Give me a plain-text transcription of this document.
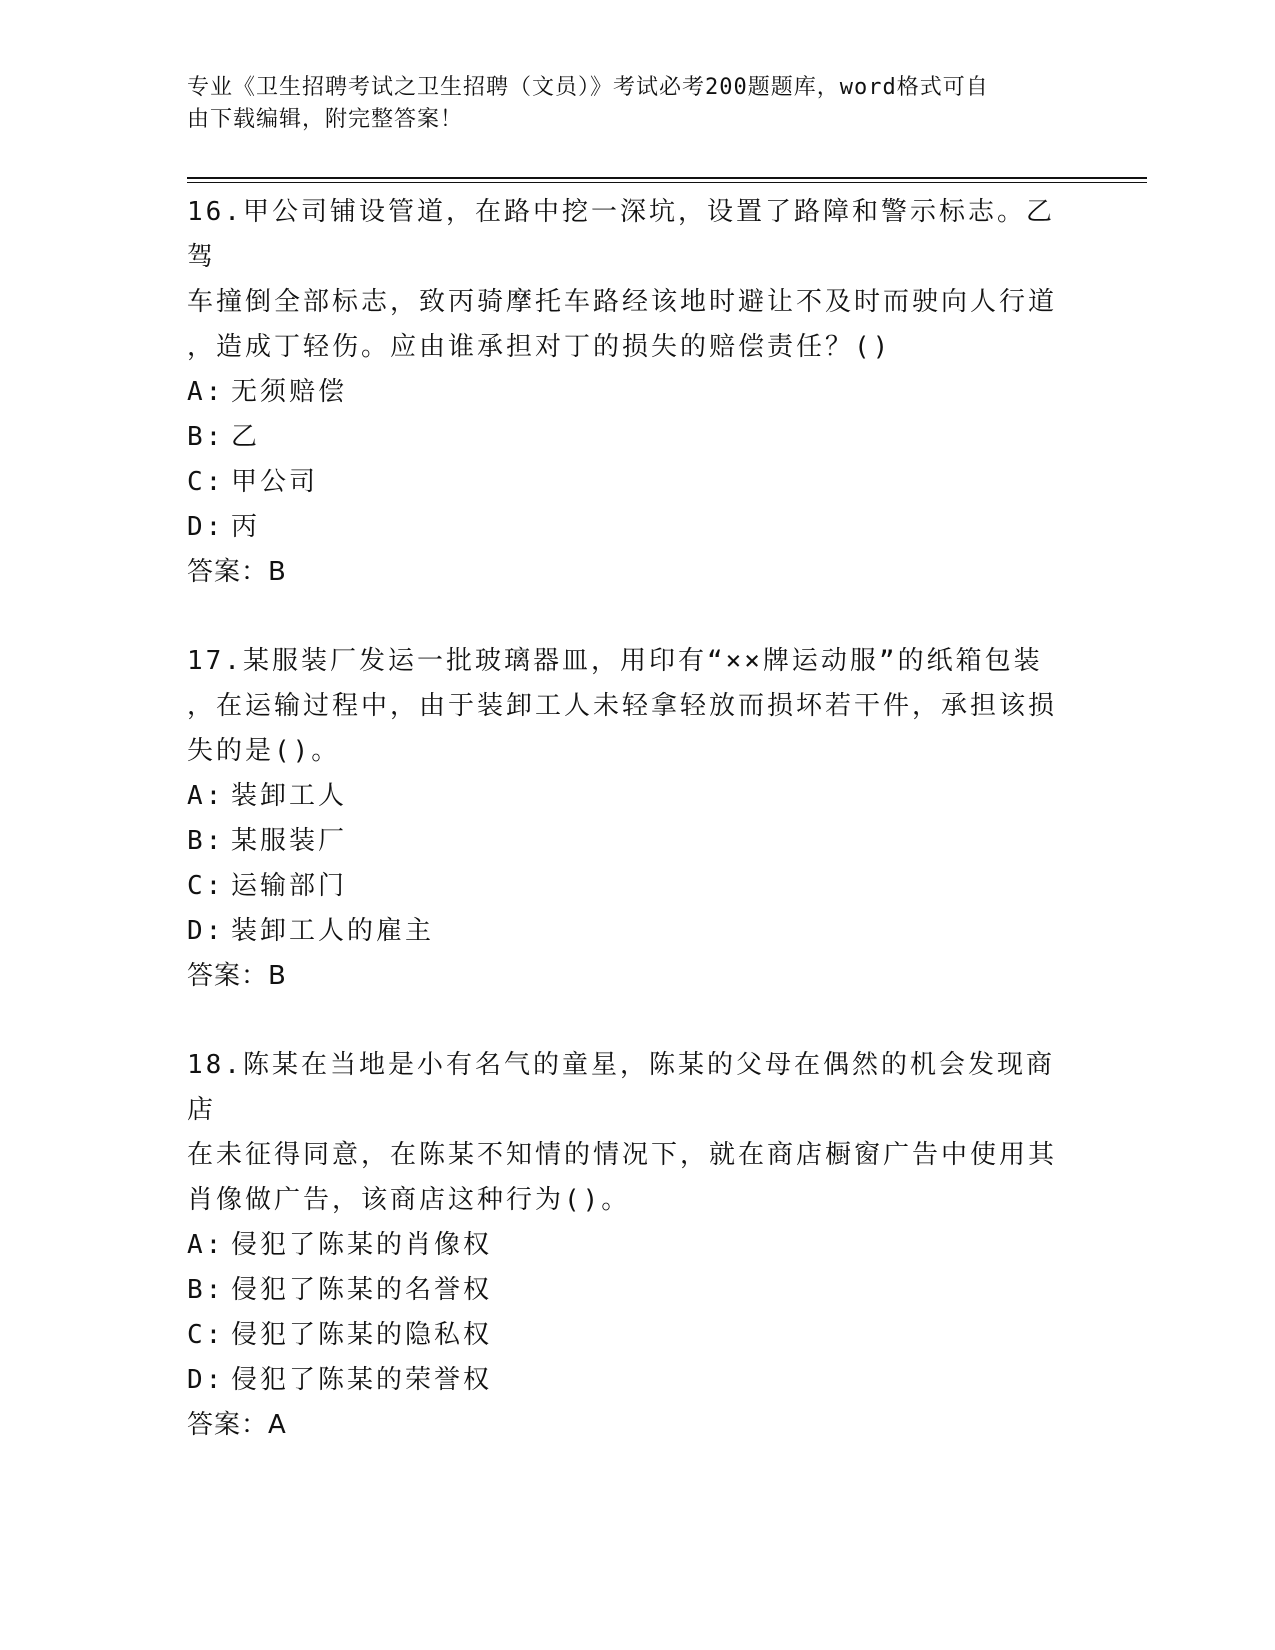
专业《卫生招聘考试之卫生招聘（文员）》考试必考200题题库，word格式可自
由下载编辑，附完整答案！
16.甲公司铺设管道，在路中挖一深坑，设置了路障和警示标志。乙驾
车撞倒全部标志，致丙骑摩托车路经该地时避让不及时而驶向人行道
，造成丁轻伤。应由谁承担对丁的损失的赔偿责任？()
A: 无须赔偿
B: 乙
C: 甲公司
D: 丙
答案：B
17.某服装厂发运一批玻璃器皿，用印有“××牌运动服”的纸箱包装
，在运输过程中，由于装卸工人未轻拿轻放而损坏若干件，承担该损
失的是()。
A: 装卸工人
B: 某服装厂
C: 运输部门
D: 装卸工人的雇主
答案：B
18.陈某在当地是小有名气的童星，陈某的父母在偶然的机会发现商店
在未征得同意，在陈某不知情的情况下，就在商店橱窗广告中使用其
肖像做广告，该商店这种行为()。
A: 侵犯了陈某的肖像权
B: 侵犯了陈某的名誉权
C: 侵犯了陈某的隐私权
D: 侵犯了陈某的荣誉权
答案：A
